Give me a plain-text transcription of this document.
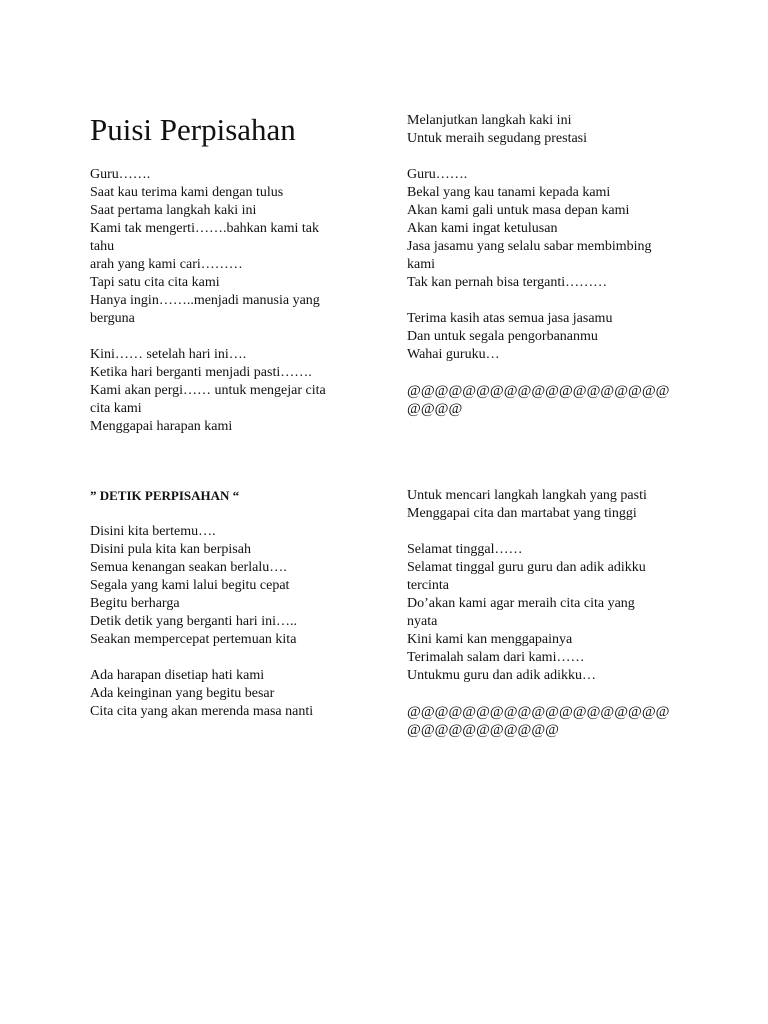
Puisi Perpisahan
Guru…….
Saat kau terima kami dengan tulus
Saat pertama langkah kaki ini
Kami tak mengerti…….bahkan kami tak
tahu
arah yang kami cari………
Tapi satu cita cita kami
Hanya ingin……..menjadi manusia yang
berguna
Kini…… setelah hari ini….
Ketika hari berganti menjadi pasti…….
Kami akan pergi…… untuk mengejar cita
cita kami
Menggapai harapan kami
Melanjutkan langkah kaki ini
Untuk meraih segudang prestasi
Guru…….
Bekal yang kau tanami kepada kami
Akan kami gali untuk masa depan kami
Akan kami ingat ketulusan
Jasa jasamu yang selalu sabar membimbing
kami
Tak kan pernah bisa terganti………
Terima kasih atas semua jasa jasamu
Dan untuk segala pengorbananmu
Wahai guruku…
@@@@@@@@@@@@@@@@@@@@@@@
” DETIK PERPISAHAN “
Disini kita bertemu….
Disini pula kita kan berpisah
Semua kenangan seakan berlalu….
Segala yang kami lalui begitu cepat
Begitu berharga
Detik detik yang berganti hari ini…..
Seakan mempercepat pertemuan kita
Ada harapan disetiap hati kami
Ada keinginan yang begitu besar
Cita cita yang akan merenda masa nanti
Untuk mencari langkah langkah yang pasti
Menggapai cita dan martabat yang tinggi
Selamat tinggal……
Selamat tinggal guru guru dan adik adikku
tercinta
Do’akan kami agar meraih cita cita yang
nyata
Kini kami kan menggapainya
Terimalah salam dari kami……
Untukmu guru dan adik adikku…
@@@@@@@@@@@@@@@@@@@@@@@@@@@@@@
